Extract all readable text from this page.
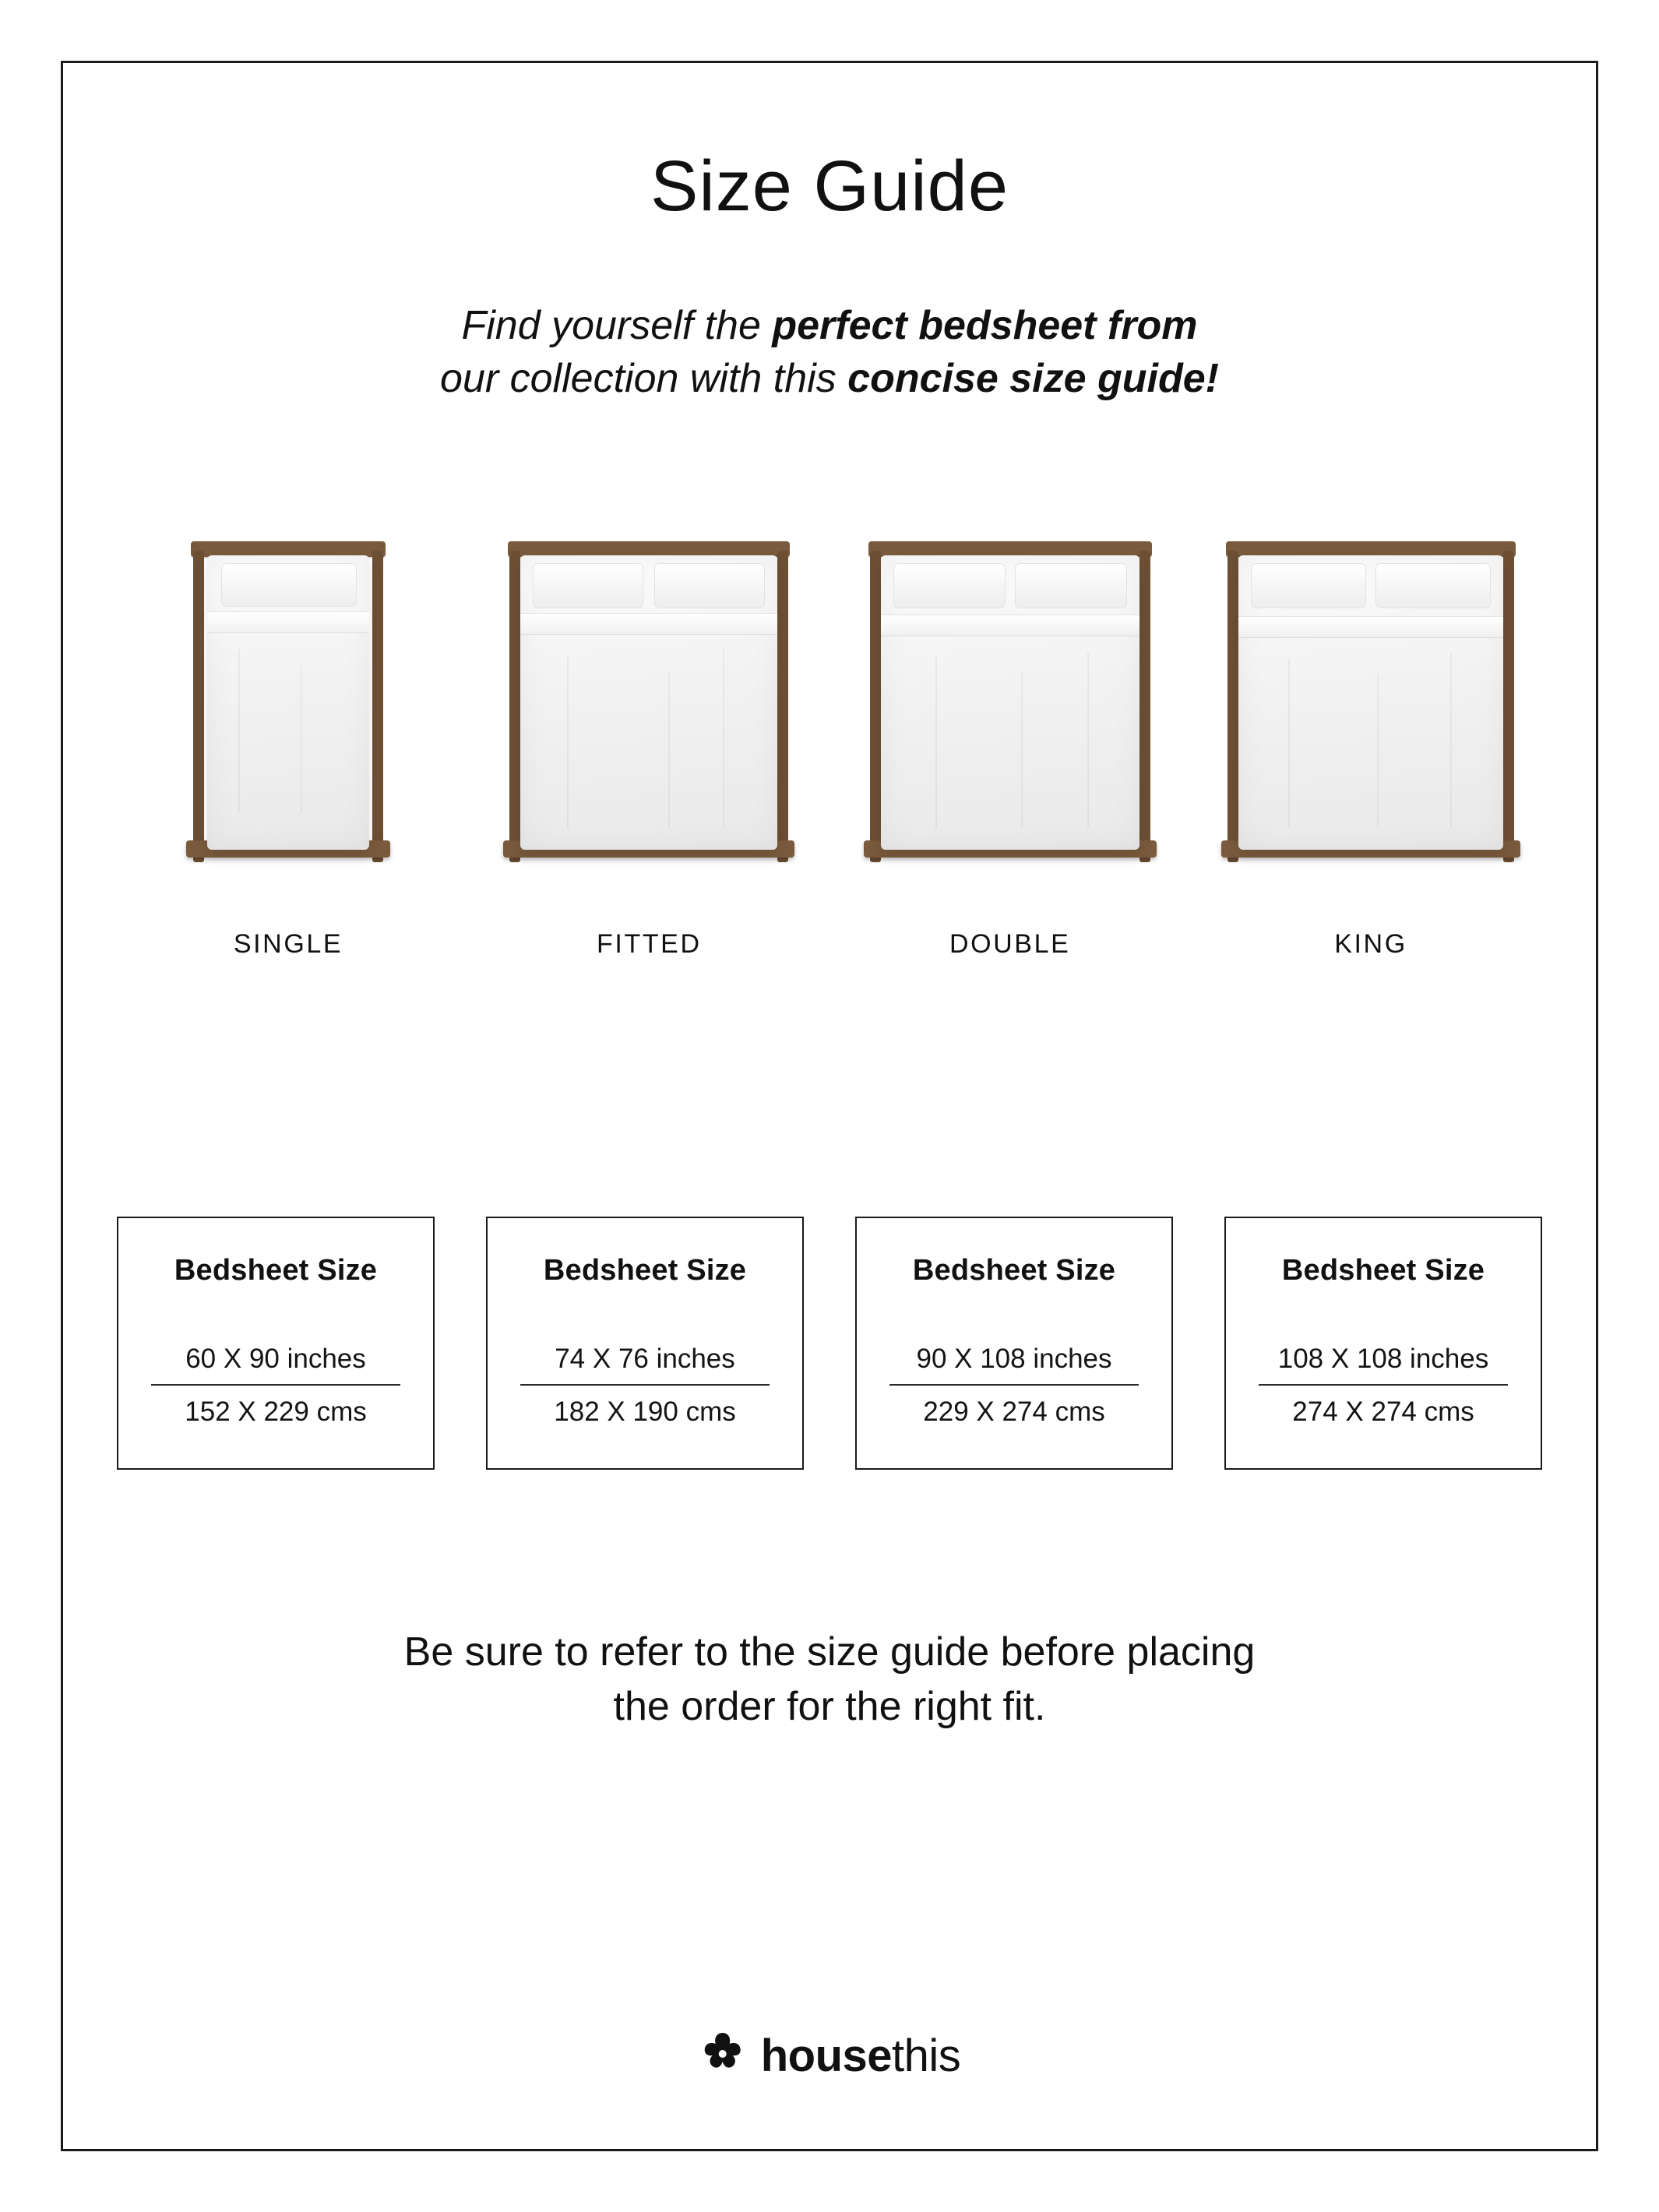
Size Guide
Find yourself the perfect bedsheet from
our collection with this concise size guide!
SINGLE	FITTED	DOUBLE	KING
Bedsheet Size
60 X 90 inches
152 X 229 cms
Bedsheet Size
74 X 76 inches
182 X 190 cms
Bedsheet Size
90 X 108 inches
229 X 274 cms
Bedsheet Size
108 X 108 inches
274 X 274 cms
Be sure to refer to the size guide before placing
the order for the right fit.
housethis
